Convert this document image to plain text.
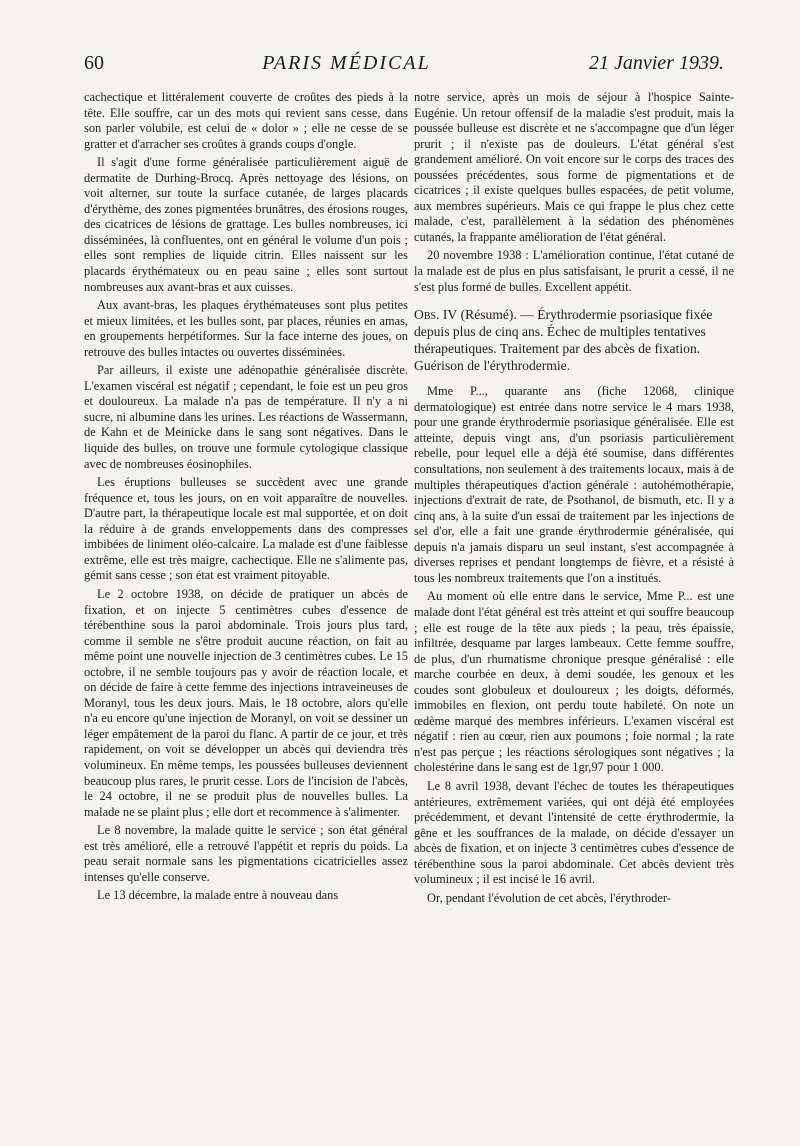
60	PARIS MÉDICAL	21 Janvier 1939.

cachectique et littéralement couverte de croûtes des pieds à la tête. Elle souffre, car un des mots qui revient sans cesse, dans son parler volubile, est celui de « dolor » ; elle ne cesse de se gratter et d'arracher ses croûtes à grands coups d'ongle.

Il s'agit d'une forme généralisée particulièrement aiguë de dermatite de Durhing-Brocq. Après nettoyage des lésions, on voit alterner, sur toute la surface cutanée, de larges placards d'érythème, des zones pigmentées brunâtres, des érosions rouges, des cicatrices de lésions de grattage. Les bulles nombreuses, ici disséminées, là confluentes, ont en général le volume d'un pois ; elles sont remplies de liquide citrin. Elles naissent sur les placards érythémateux ou en peau saine ; elles sont surtout nombreuses aux avant-bras et aux cuisses.

Aux avant-bras, les plaques érythémateuses sont plus petites et mieux limitées, et les bulles sont, par places, réunies en amas, en groupements herpétiformes. Sur la face interne des joues, on retrouve des bulles intactes ou ouvertes disséminées.

Par ailleurs, il existe une adénopathie généralisée discrète. L'examen viscéral est négatif ; cependant, le foie est un peu gros et douloureux. La malade n'a pas de température. Il n'y a ni sucre, ni albumine dans les urines. Les réactions de Wassermann, de Kahn et de Meinicke dans le sang sont négatives. Dans le liquide des bulles, on trouve une formule cytologique classique avec de nombreuses éosinophiles.

Les éruptions bulleuses se succèdent avec une grande fréquence et, tous les jours, on en voit apparaître de nouvelles. D'autre part, la thérapeutique locale est mal supportée, et on doit la réduire à de grands enveloppements dans des compresses imbibées de liniment oléo-calcaire. La malade est d'une faiblesse extrême, elle est très maigre, cachectique. Elle ne s'alimente pas, gémit sans cesse ; son état est vraiment pitoyable.

Le 2 octobre 1938, on décide de pratiquer un abcès de fixation, et on injecte 5 centimètres cubes d'essence de térébenthine sous la paroi abdominale. Trois jours plus tard, comme il semble ne s'être produit aucune réaction, on fait au même point une nouvelle injection de 3 centimètres cubes. Le 15 octobre, il ne semble toujours pas y avoir de réaction locale, et on décide de faire à cette femme des injections intraveineuses de Moranyl, tous les deux jours. Mais, le 18 octobre, alors qu'elle n'a eu encore qu'une injection de Moranyl, on voit se dessiner un léger empâtement de la paroi du flanc. A partir de ce jour, et très rapidement, on voit se développer un abcès qui deviendra très volumineux. En même temps, les poussées bulleuses deviennent beaucoup plus rares, le prurit cesse. Lors de l'incision de l'abcès, le 24 octobre, il ne se produit plus de nouvelles bulles. La malade ne se plaint plus ; elle dort et recommence à s'alimenter.

Le 8 novembre, la malade quitte le service ; son état général est très amélioré, elle a retrouvé l'appétit et repris du poids. La peau serait normale sans les pigmentations cicatricielles assez intenses qu'elle conserve.

Le 13 décembre, la malade entre à nouveau dans

notre service, après un mois de séjour à l'hospice Sainte-Eugénie. Un retour offensif de la maladie s'est produit, mais la poussée bulleuse est discrète et ne s'accompagne que d'un léger prurit ; il n'existe pas de douleurs. L'état général s'est grandement amélioré. On voit encore sur le corps des traces des poussées précédentes, sous forme de pigmentations et de cicatrices ; il existe quelques bulles espacées, de petit volume, aux membres supérieurs. Mais ce qui frappe le plus chez cette malade, c'est, parallèlement à la sédation des phénomènes cutanés, la frappante amélioration de l'état général.

20 novembre 1938 : L'amélioration continue, l'état cutané de la malade est de plus en plus satisfaisant, le prurit a cessé, il ne s'est plus formé de bulles. Excellent appétit.

Obs. IV (Résumé). — Érythrodermie psoriasique fixée depuis plus de cinq ans. Échec de multiples tentatives thérapeutiques. Traitement par des abcès de fixation. Guérison de l'érythrodermie.

Mme P..., quarante ans (fiche 12068, clinique dermatologique) est entrée dans notre service le 4 mars 1938, pour une grande érythrodermie psoriasique généralisée. Elle est atteinte, depuis vingt ans, d'un psoriasis particulièrement rebelle, pour lequel elle a déjà été soumise, dans différentes consultations, non seulement à des traitements locaux, mais à de multiples thérapeutiques d'action générale : autohémothérapie, injections d'extrait de rate, de Psothanol, de bismuth, etc. Il y a cinq ans, à la suite d'un essai de traitement par les injections de sel d'or, elle a fait une grande érythrodermie généralisée, qui depuis n'a jamais disparu un seul instant, s'est accompagnée à diverses reprises et pendant longtemps de fièvre, et a résisté à tous les nombreux traitements que l'on a institués.

Au moment où elle entre dans le service, Mme P... est une malade dont l'état général est très atteint et qui souffre beaucoup ; elle est rouge de la tête aux pieds ; la peau, très épaissie, infiltrée, desquame par larges lambeaux. Cette femme souffre, de plus, d'un rhumatisme chronique presque généralisé : elle marche courbée en deux, à demi soudée, les genoux et les coudes sont globuleux et douloureux ; les doigts, déformés, immobiles en flexion, ont perdu toute habileté. On note un œdème marqué des membres inférieurs. L'examen viscéral est négatif : rien au cœur, rien aux poumons ; foie normal ; la rate n'est pas perçue ; les réactions sérologiques sont négatives ; la cholestérine dans le sang est de 1gr,97 pour 1 000.

Le 8 avril 1938, devant l'échec de toutes les thérapeutiques antérieures, extrêmement variées, qui ont déjà été employées précédemment, et devant l'intensité de cette érythrodermie, la gêne et les souffrances de la malade, on décide d'essayer un abcès de fixation, et on injecte 3 centimètres cubes d'essence de térébenthine sous la paroi abdominale. Cet abcès devient très volumineux ; il est incisé le 16 avril.

Or, pendant l'évolution de cet abcès, l'érythroder-
